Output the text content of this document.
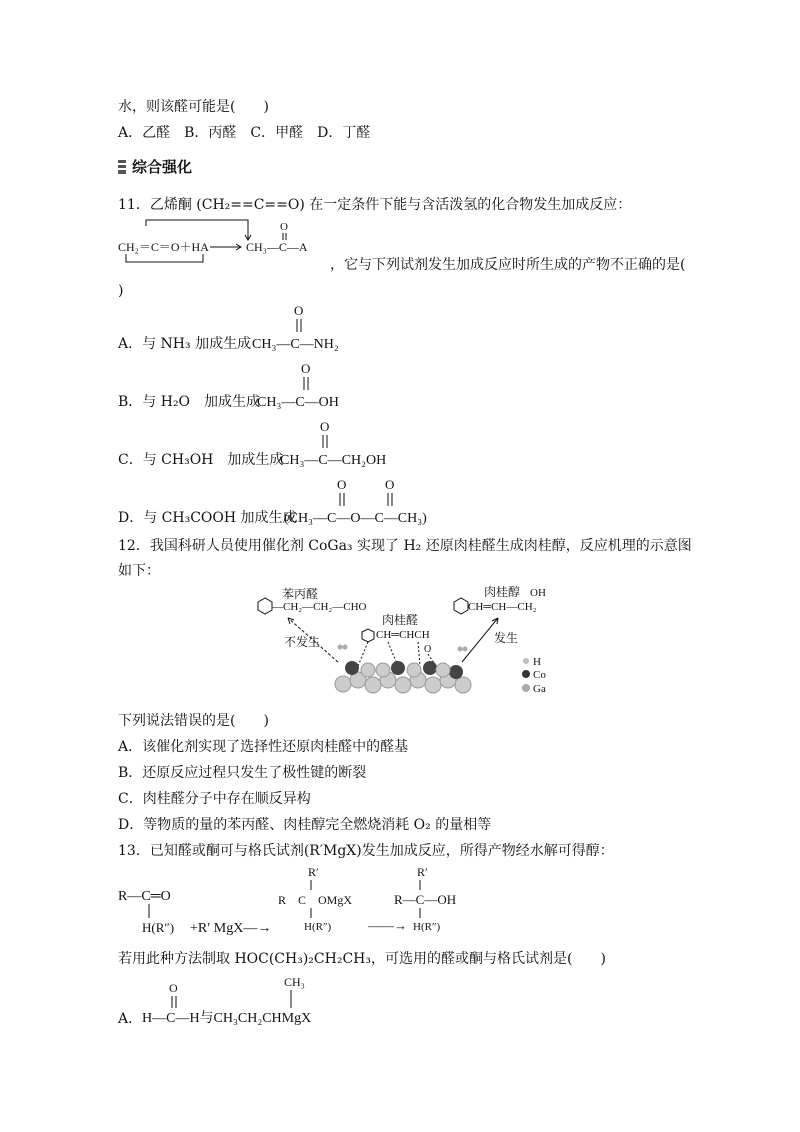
水，则该醛可能是(　　)
A．乙醛　B．丙醛　C．甲醛　D．丁醛
综合强化
11．乙烯酮 (CH₂==C==O) 在一定条件下能与含活泼氢的化合物发生加成反应：
CH₂＝C＝O＋HA	CH₃—C—A
O
，它与下列试剂发生加成反应时所生成的产物不正确的是(
)
A．与 NH₃ 加成生成
O
CH₃—C—NH₂
B．与 H₂O　加成生成
O
CH₃—C—OH
C．与 CH₃OH　加成生成
O
CH₃—C—CH₂OH
D．与 CH₃COOH 加成生成
O	O
(CH₃—C—O—C—CH₃)
12．我国科研人员使用催化剂 CoGa₃ 实现了 H₂ 还原肉桂醛生成肉桂醇，反应机理的示意图
如下：
苯丙醛
—CH₂—CH₂—CHO
肉桂醇 OH
CH═CH—CH₂
肉桂醛
CH═CHCH
O
不发生	发生
H
Co
Ga
下列说法错误的是(　　)
A．该催化剂实现了选择性还原肉桂醛中的醛基
B．还原反应过程只发生了极性键的断裂
C．肉桂醛分子中存在顺反异构
D．等物质的量的苯丙醛、肉桂醇完全燃烧消耗 O₂ 的量相等
13．已知醛或酮可与格氏试剂(R′MgX)发生加成反应，所得产物经水解可得醇：
R—C═O
H(R″) +R′ MgX—→
R′
R　C　OMgX
H(R″)	——→
R′
R—C—OH
H(R″)
若用此种方法制取 HOC(CH₃)₂CH₂CH₃，可选用的醛或酮与格氏试剂是(　　)
A．
O	CH₃
H—C—H与CH₃CH₂CHMgX
